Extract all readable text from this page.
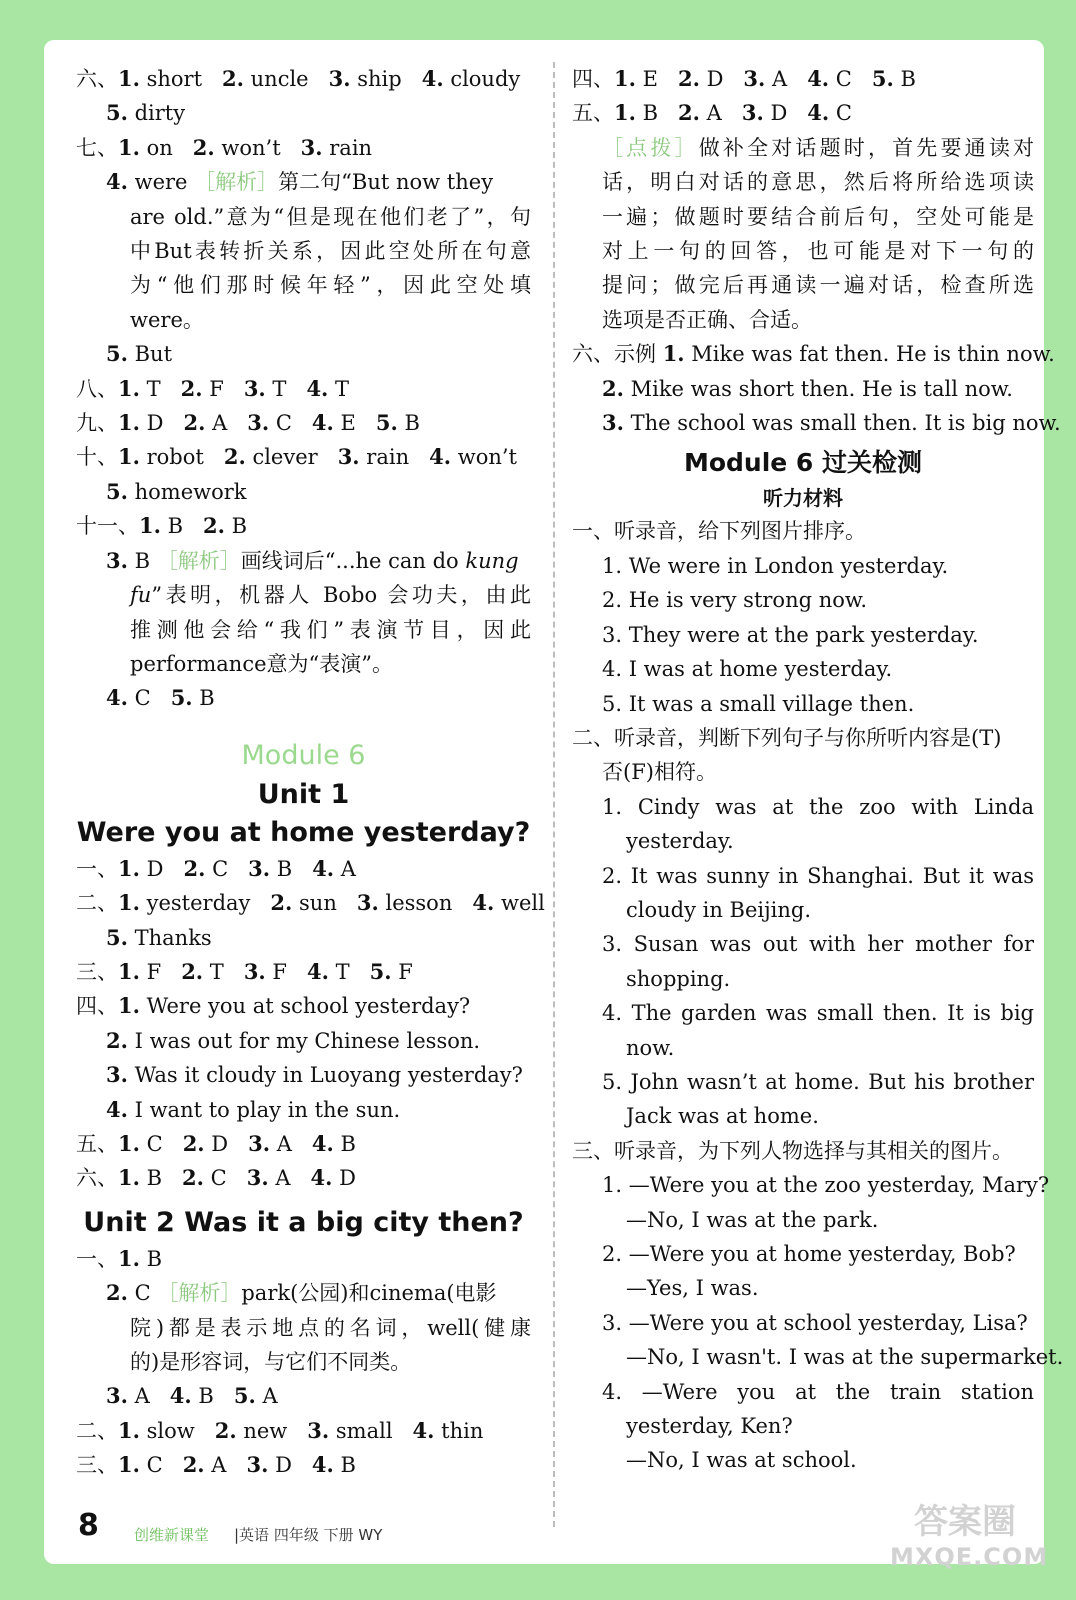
六、1. short 2. uncle 3. ship 4. cloudy
5. dirty
七、1. on 2. won’t 3. rain
4. were ［解析］第二句“But now they
are old.”意为“但是现在他们老了”，句
中But表转折关系，因此空处所在句意
为“他们那时候年轻”，因此空处填
were。
5. But
八、1. T 2. F 3. T 4. T
九、1. D 2. A 3. C 4. E 5. B
十、1. robot 2. clever 3. rain 4. won’t
5. homework
十一、1. B 2. B
3. B ［解析］画线词后“...he can do kung
fu”表明，机器人 Bobo 会功夫，由此
推测他会给“我们”表演节目，因此
performance意为“表演”。
4. C 5. B
Module 6
Unit 1
Were you at home yesterday?
一、1. D 2. C 3. B 4. A
二、1. yesterday 2. sun 3. lesson 4. well
5. Thanks
三、1. F 2. T 3. F 4. T 5. F
四、1. Were you at school yesterday?
2. I was out for my Chinese lesson.
3. Was it cloudy in Luoyang yesterday?
4. I want to play in the sun.
五、1. C 2. D 3. A 4. B
六、1. B 2. C 3. A 4. D
Unit 2 Was it a big city then?
一、1. B
2. C ［解析］park(公园)和cinema(电影
院)都是表示地点的名词，well(健康
的)是形容词，与它们不同类。
3. A 4. B 5. A
二、1. slow 2. new 3. small 4. thin
三、1. C 2. A 3. D 4. B
四、1. E 2. D 3. A 4. C 5. B
五、1. B 2. A 3. D 4. C
［点拨］做补全对话题时，首先要通读对
话，明白对话的意思，然后将所给选项读
一遍；做题时要结合前后句，空处可能是
对上一句的回答，也可能是对下一句的
提问；做完后再通读一遍对话，检查所选
选项是否正确、合适。
六、示例 1. Mike was fat then. He is thin now.
2. Mike was short then. He is tall now.
3. The school was small then. It is big now.
Module 6 过关检测
听力材料
一、听录音，给下列图片排序。
1. We were in London yesterday.
2. He is very strong now.
3. They were at the park yesterday.
4. I was at home yesterday.
5. It was a small village then.
二、听录音，判断下列句子与你所听内容是(T)
否(F)相符。
1. Cindy was at the zoo with Linda
yesterday.
2. It was sunny in Shanghai. But it was
cloudy in Beijing.
3. Susan was out with her mother for
shopping.
4. The garden was small then. It is big
now.
5. John wasn’t at home. But his brother
Jack was at home.
三、听录音，为下列人物选择与其相关的图片。
1. —Were you at the zoo yesterday, Mary?
—No, I was at the park.
2. —Were you at home yesterday, Bob?
—Yes, I was.
3. —Were you at school yesterday, Lisa?
—No, I wasn't. I was at the supermarket.
4. —Were you at the train station
yesterday, Ken?
—No, I was at school.
8 创维新课堂 |英语 四年级 下册 WY	答案圈
MXQE.COM
